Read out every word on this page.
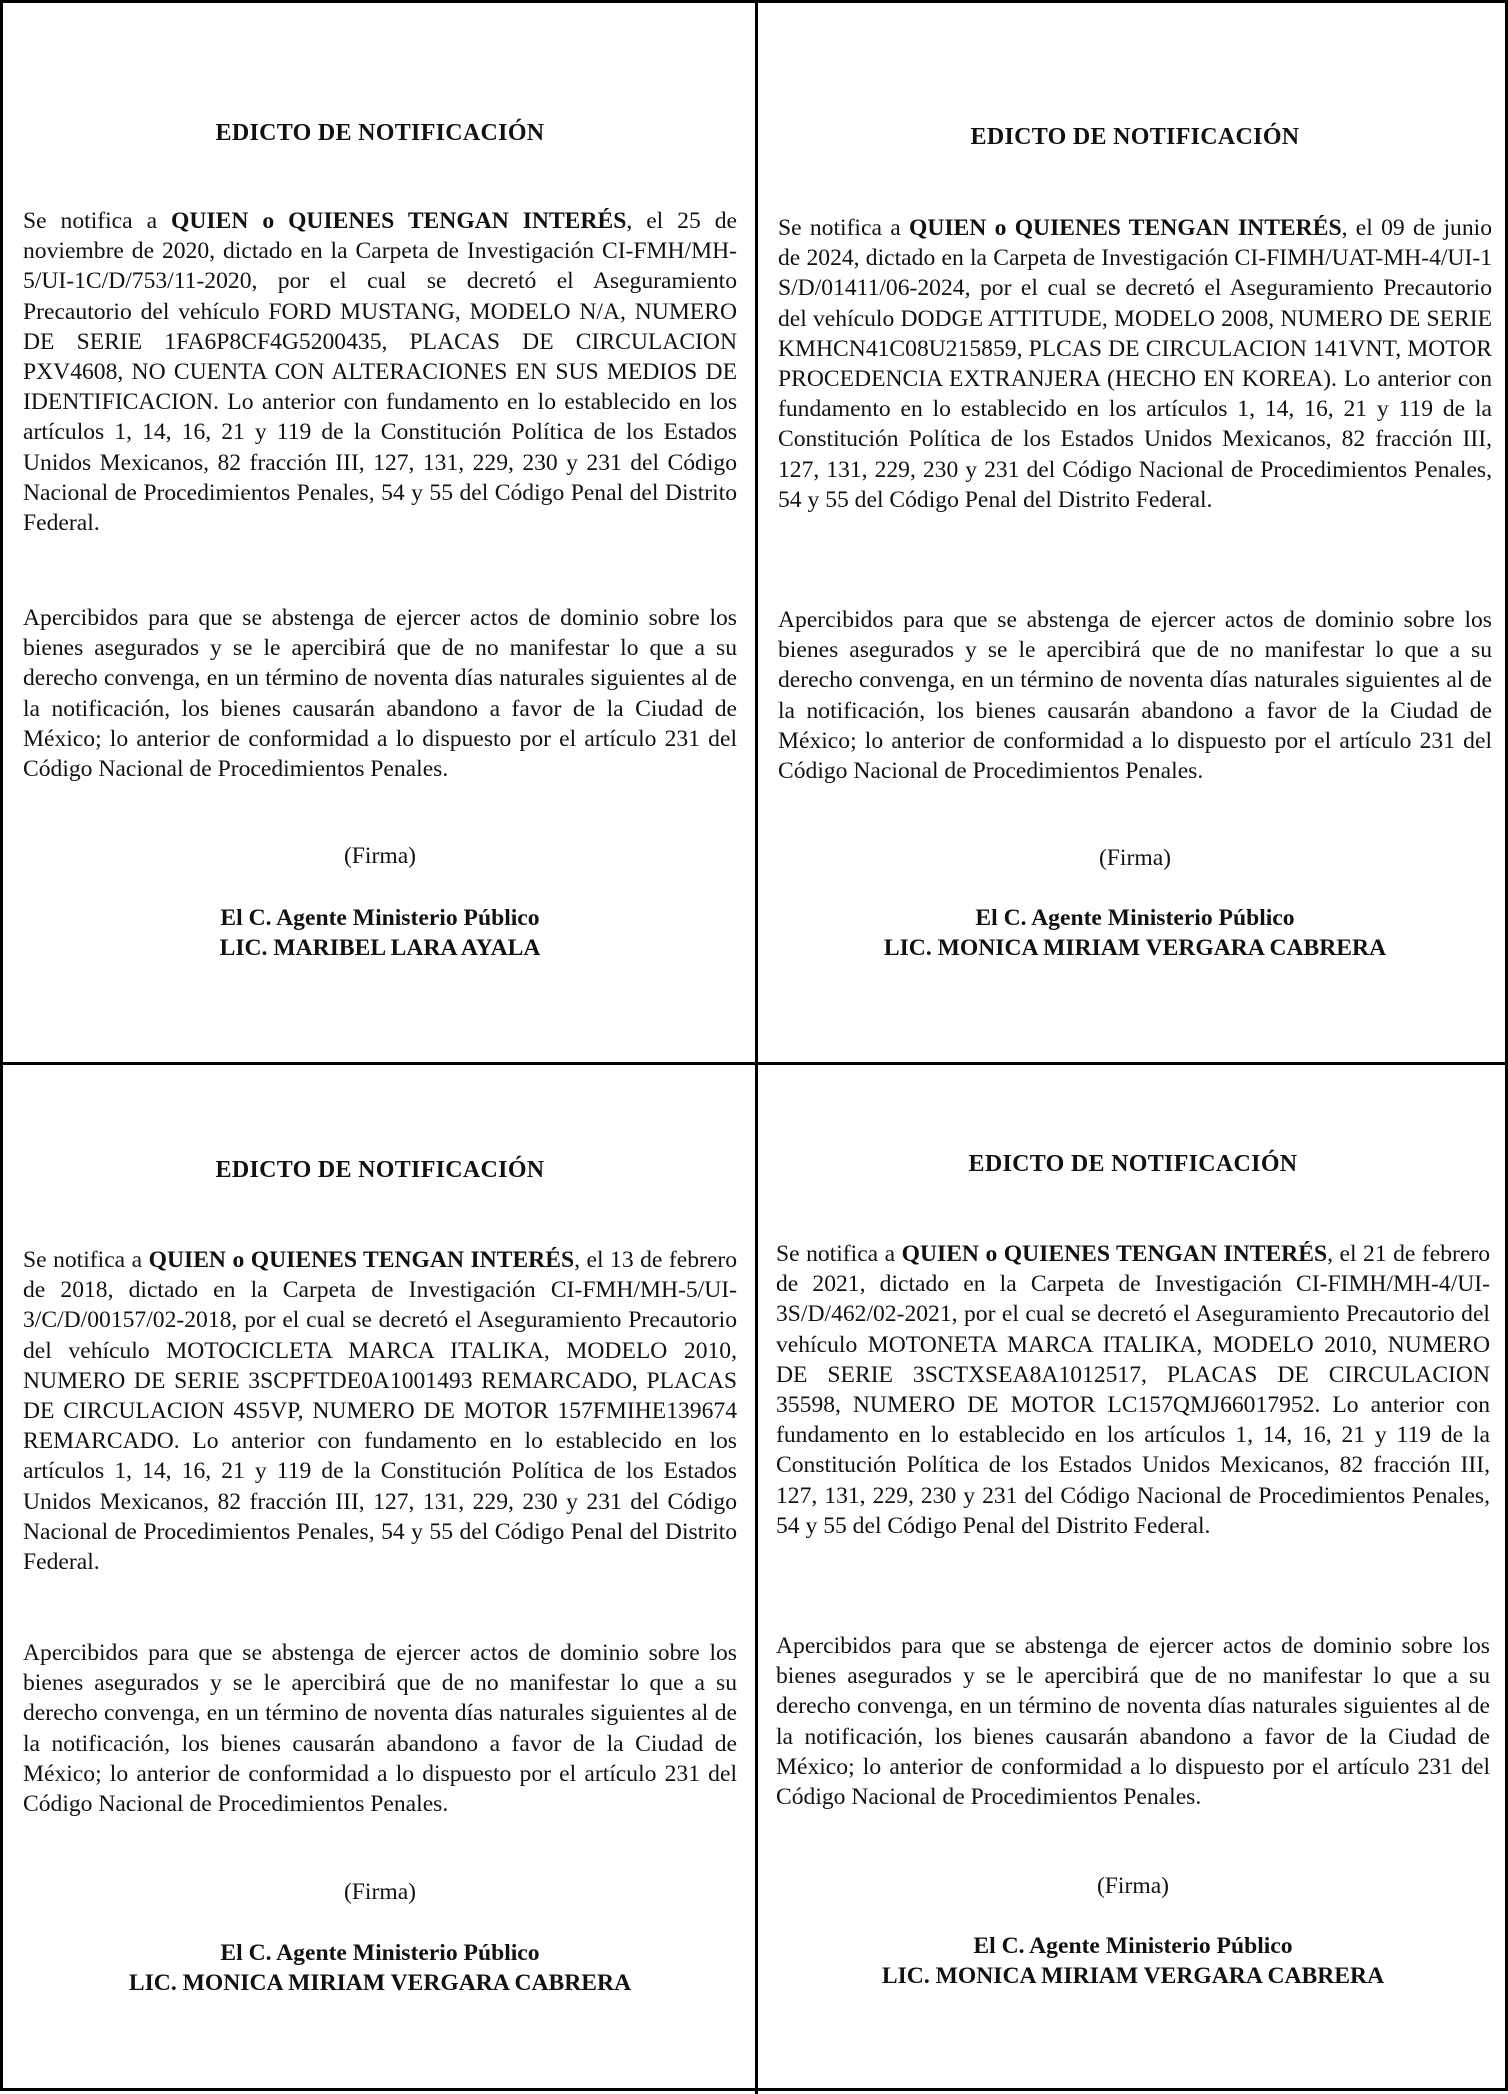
EDICTO DE NOTIFICACIÓN

Se notifica a QUIEN o QUIENES TENGAN INTERÉS, el 25 de noviembre de 2020, dictado en la Carpeta de Investigación CI-FMH/MH-5/UI-1C/D/753/11-2020, por el cual se decretó el Aseguramiento Precautorio del vehículo FORD MUSTANG, MODELO N/A, NUMERO DE SERIE 1FA6P8CF4G5200435, PLACAS DE CIRCULACION PXV4608, NO CUENTA CON ALTERACIONES EN SUS MEDIOS DE IDENTIFICACION. Lo anterior con fundamento en lo establecido en los artículos 1, 14, 16, 21 y 119 de la Constitución Política de los Estados Unidos Mexicanos, 82 fracción III, 127, 131, 229, 230 y 231 del Código Nacional de Procedimientos Penales, 54 y 55 del Código Penal del Distrito Federal.

Apercibidos para que se abstenga de ejercer actos de dominio sobre los bienes asegurados y se le apercibirá que de no manifestar lo que a su derecho convenga, en un término de noventa días naturales siguientes al de la notificación, los bienes causarán abandono a favor de la Ciudad de México; lo anterior de conformidad a lo dispuesto por el artículo 231 del Código Nacional de Procedimientos Penales.

(Firma)

El C. Agente Ministerio Público

LIC. MARIBEL LARA AYALA

EDICTO DE NOTIFICACIÓN

Se notifica a QUIEN o QUIENES TENGAN INTERÉS, el 09 de junio de 2024, dictado en la Carpeta de Investigación CI-FIMH/UAT-MH-4/UI-1 S/D/01411/06-2024, por el cual se decretó el Aseguramiento Precautorio del vehículo DODGE ATTITUDE, MODELO 2008, NUMERO DE SERIE KMHCN41C08U215859, PLCAS DE CIRCULACION 141VNT, MOTOR PROCEDENCIA EXTRANJERA (HECHO EN KOREA). Lo anterior con fundamento en lo establecido en los artículos 1, 14, 16, 21 y 119 de la Constitución Política de los Estados Unidos Mexicanos, 82 fracción III, 127, 131, 229, 230 y 231 del Código Nacional de Procedimientos Penales, 54 y 55 del Código Penal del Distrito Federal.

Apercibidos para que se abstenga de ejercer actos de dominio sobre los bienes asegurados y se le apercibirá que de no manifestar lo que a su derecho convenga, en un término de noventa días naturales siguientes al de la notificación, los bienes causarán abandono a favor de la Ciudad de México; lo anterior de conformidad a lo dispuesto por el artículo 231 del Código Nacional de Procedimientos Penales.

(Firma)

El C. Agente Ministerio Público

LIC. MONICA MIRIAM VERGARA CABRERA

EDICTO DE NOTIFICACIÓN

Se notifica a QUIEN o QUIENES TENGAN INTERÉS, el 13 de febrero de 2018, dictado en la Carpeta de Investigación CI-FMH/MH-5/UI-3/C/D/00157/02-2018, por el cual se decretó el Aseguramiento Precautorio del vehículo MOTOCICLETA MARCA ITALIKA, MODELO 2010, NUMERO DE SERIE 3SCPFTDE0A1001493 REMARCADO, PLACAS DE CIRCULACION 4S5VP, NUMERO DE MOTOR 157FMIHE139674 REMARCADO. Lo anterior con fundamento en lo establecido en los artículos 1, 14, 16, 21 y 119 de la Constitución Política de los Estados Unidos Mexicanos, 82 fracción III, 127, 131, 229, 230 y 231 del Código Nacional de Procedimientos Penales, 54 y 55 del Código Penal del Distrito Federal.

Apercibidos para que se abstenga de ejercer actos de dominio sobre los bienes asegurados y se le apercibirá que de no manifestar lo que a su derecho convenga, en un término de noventa días naturales siguientes al de la notificación, los bienes causarán abandono a favor de la Ciudad de México; lo anterior de conformidad a lo dispuesto por el artículo 231 del Código Nacional de Procedimientos Penales.

(Firma)

El C. Agente Ministerio Público

LIC. MONICA MIRIAM VERGARA CABRERA

EDICTO DE NOTIFICACIÓN

Se notifica a QUIEN o QUIENES TENGAN INTERÉS, el 21 de febrero de 2021, dictado en la Carpeta de Investigación CI-FIMH/MH-4/UI-3S/D/462/02-2021, por el cual se decretó el Aseguramiento Precautorio del vehículo MOTONETA MARCA ITALIKA, MODELO 2010, NUMERO DE SERIE 3SCTXSEA8A1012517, PLACAS DE CIRCULACION 35598, NUMERO DE MOTOR LC157QMJ66017952. Lo anterior con fundamento en lo establecido en los artículos 1, 14, 16, 21 y 119 de la Constitución Política de los Estados Unidos Mexicanos, 82 fracción III, 127, 131, 229, 230 y 231 del Código Nacional de Procedimientos Penales, 54 y 55 del Código Penal del Distrito Federal.

Apercibidos para que se abstenga de ejercer actos de dominio sobre los bienes asegurados y se le apercibirá que de no manifestar lo que a su derecho convenga, en un término de noventa días naturales siguientes al de la notificación, los bienes causarán abandono a favor de la Ciudad de México; lo anterior de conformidad a lo dispuesto por el artículo 231 del Código Nacional de Procedimientos Penales.

(Firma)

El C. Agente Ministerio Público

LIC. MONICA MIRIAM VERGARA CABRERA
